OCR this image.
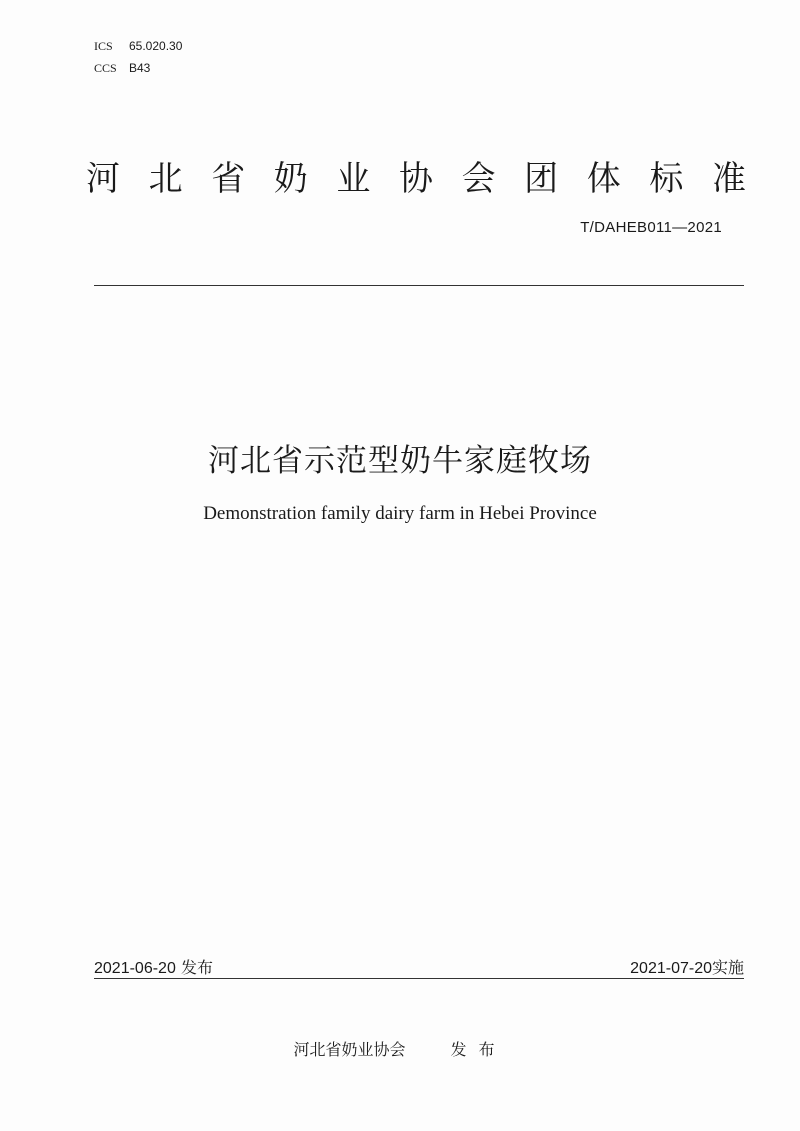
ICS 65.020.30
CCS B43
河 北 省 奶 业 协 会 团 体 标 准
T/DAHEB011—2021
河北省示范型奶牛家庭牧场
Demonstration family dairy farm in Hebei Province
2021-06-20 发布	2021-07-20实施
河北省奶业协会	发布
